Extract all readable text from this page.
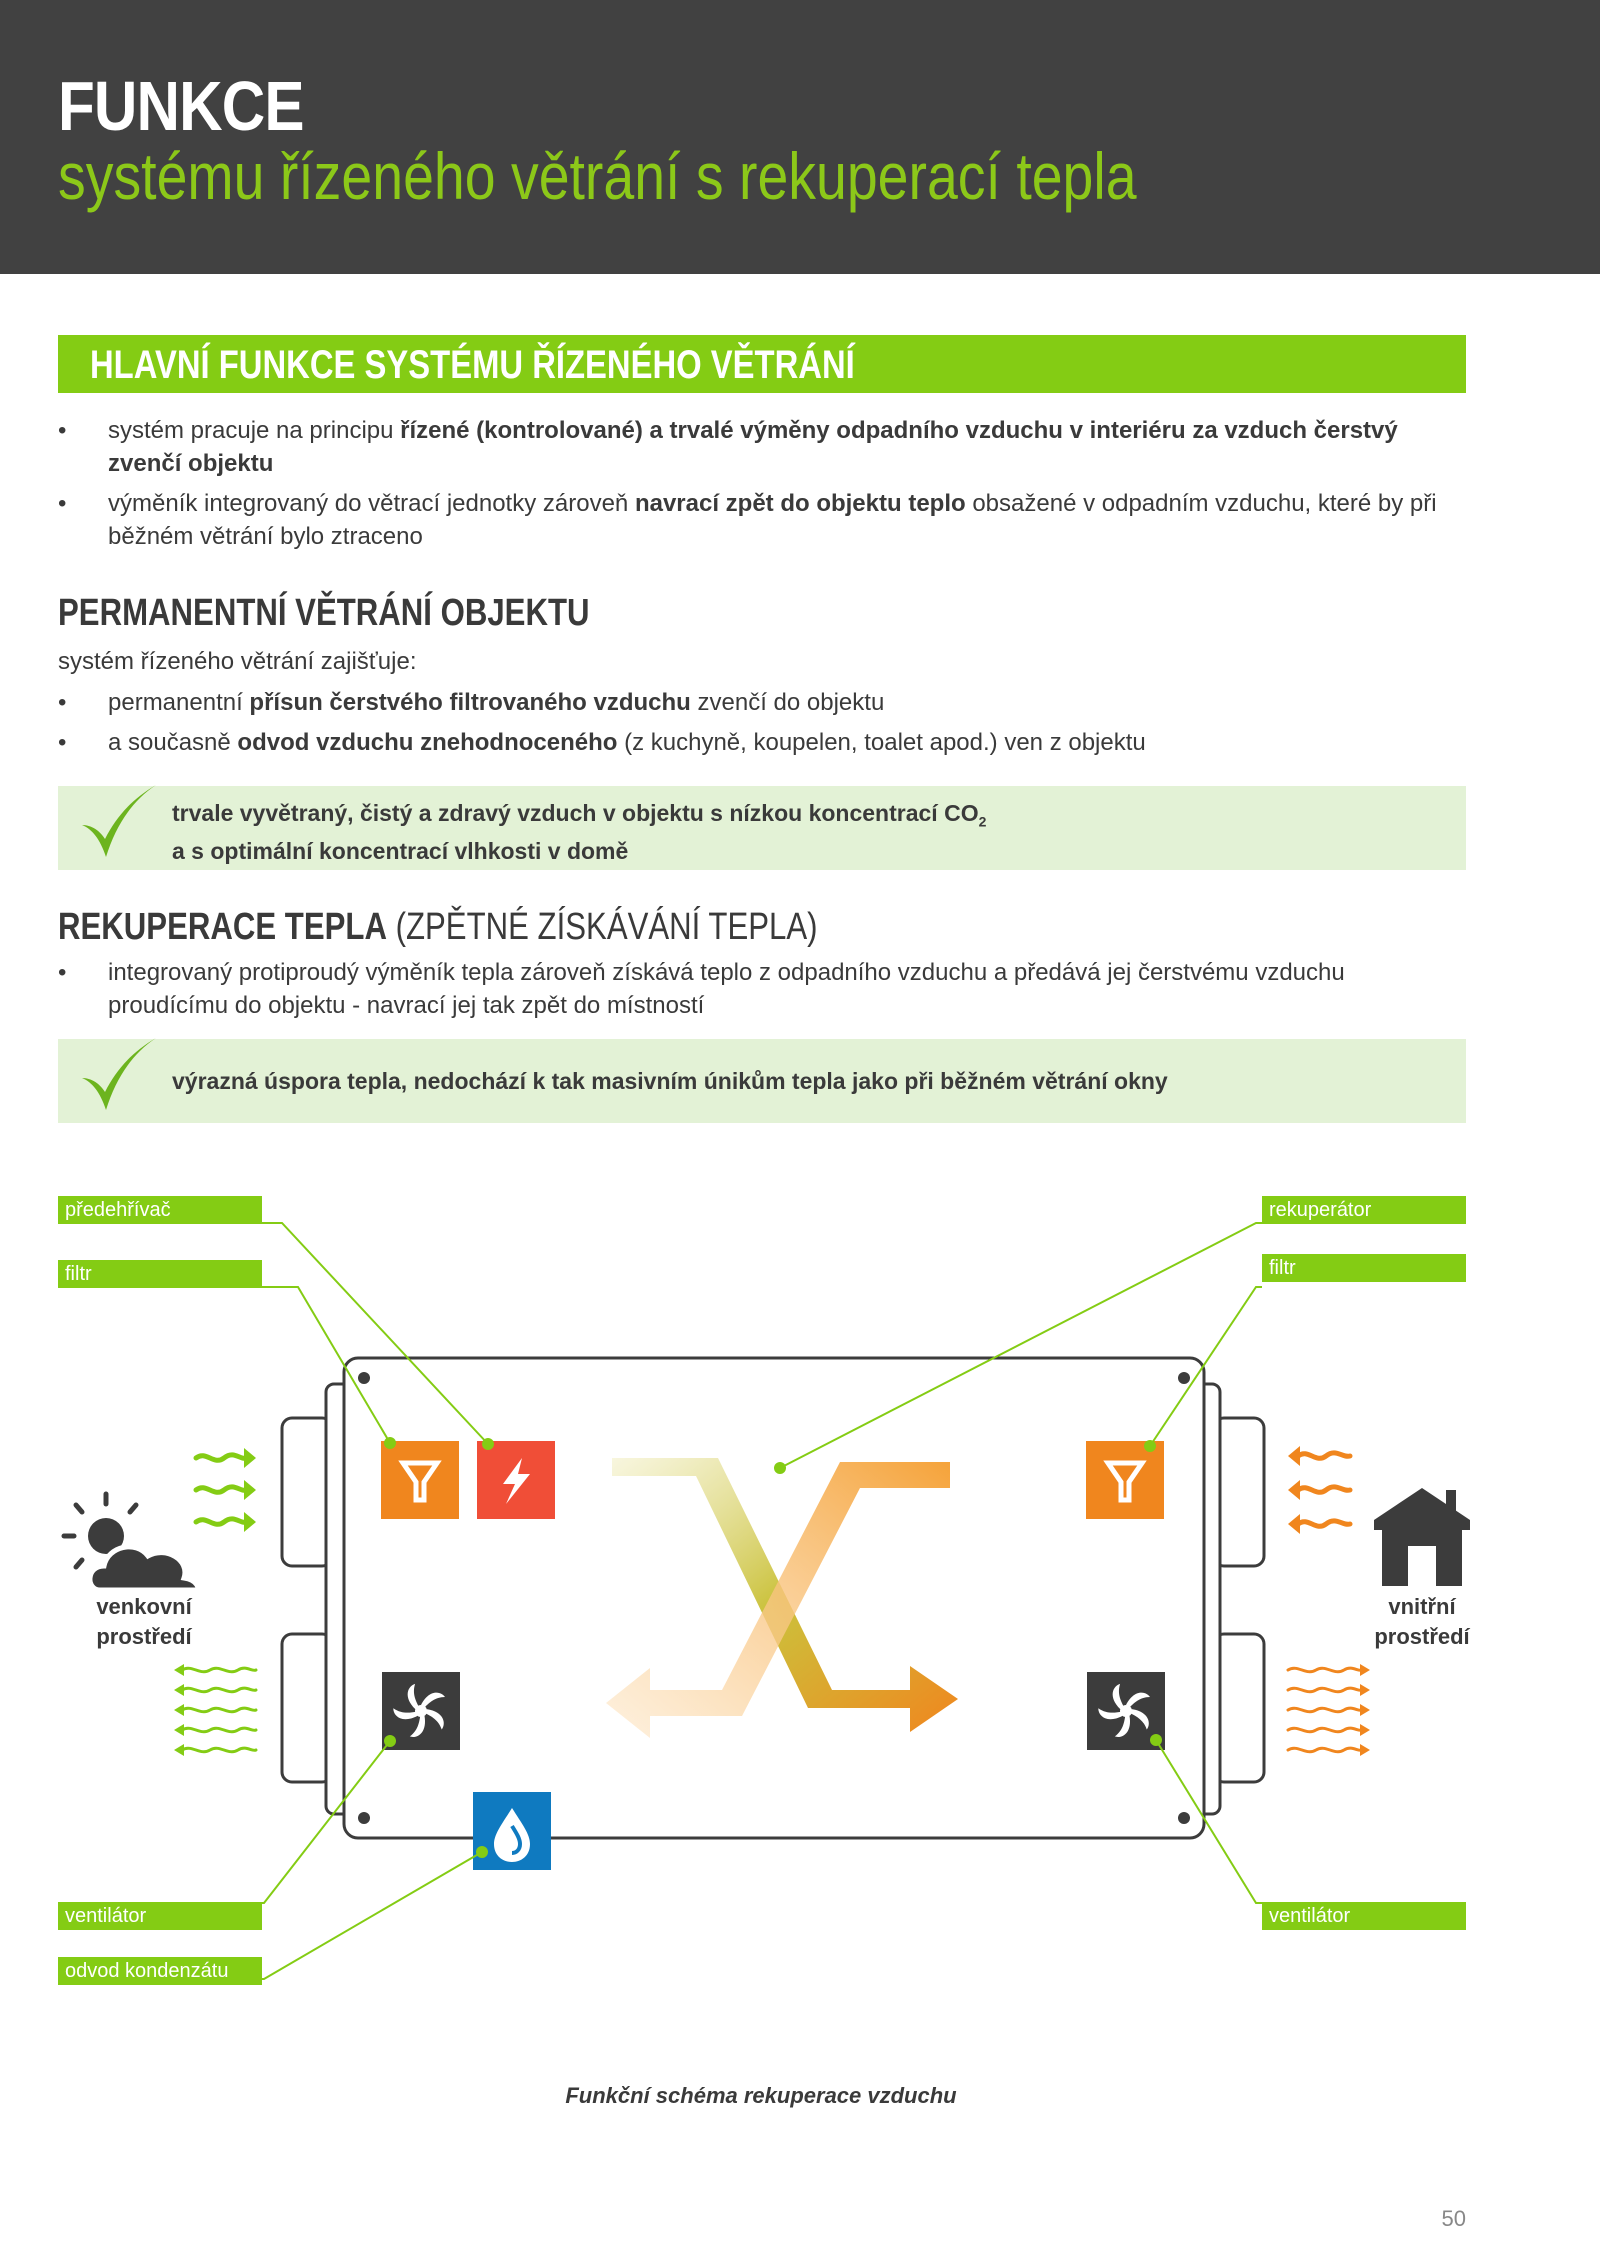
FUNKCE
systému řízeného větrání s rekuperací tepla
HLAVNÍ FUNKCE SYSTÉMU ŘÍZENÉHO VĚTRÁNÍ
• systém pracuje na principu řízené (kontrolované) a trvalé výměny odpadního vzduchu v interiéru za vzduch čerstvý zvenčí objektu
• výměník integrovaný do větrací jednotky zároveň navrací zpět do objektu teplo obsažené v odpadním vzduchu, které by při běžném větrání bylo ztraceno
PERMANENTNÍ VĚTRÁNÍ OBJEKTU
systém řízeného větrání zajišťuje:
• permanentní přísun čerstvého filtrovaného vzduchu zvenčí do objektu
• a současně odvod vzduchu znehodnoceného (z kuchyně, koupelen, toalet apod.) ven z objektu
trvale vyvětraný, čistý a zdravý vzduch v objektu s nízkou koncentrací $CO_2$
a s optimální koncentrací vlhkosti v domě
REKUPERACE TEPLA (ZPĚTNÉ ZÍSKÁVÁNÍ TEPLA)
• integrovaný protiproudý výměník tepla zároveň získává teplo z odpadního vzduchu a předává jej čerstvému vzduchu proudícímu do objektu - navrací jej tak zpět do místností
výrazná úspora tepla, nedochází k tak masivním únikům tepla jako při běžném větrání okny
předehřívač
filtr
rekuperátor
filtr
ventilátor
odvod kondenzátu
ventilátor
venkovní
prostředí
vnitřní
prostředí
Funkční schéma rekuperace vzduchu
50
